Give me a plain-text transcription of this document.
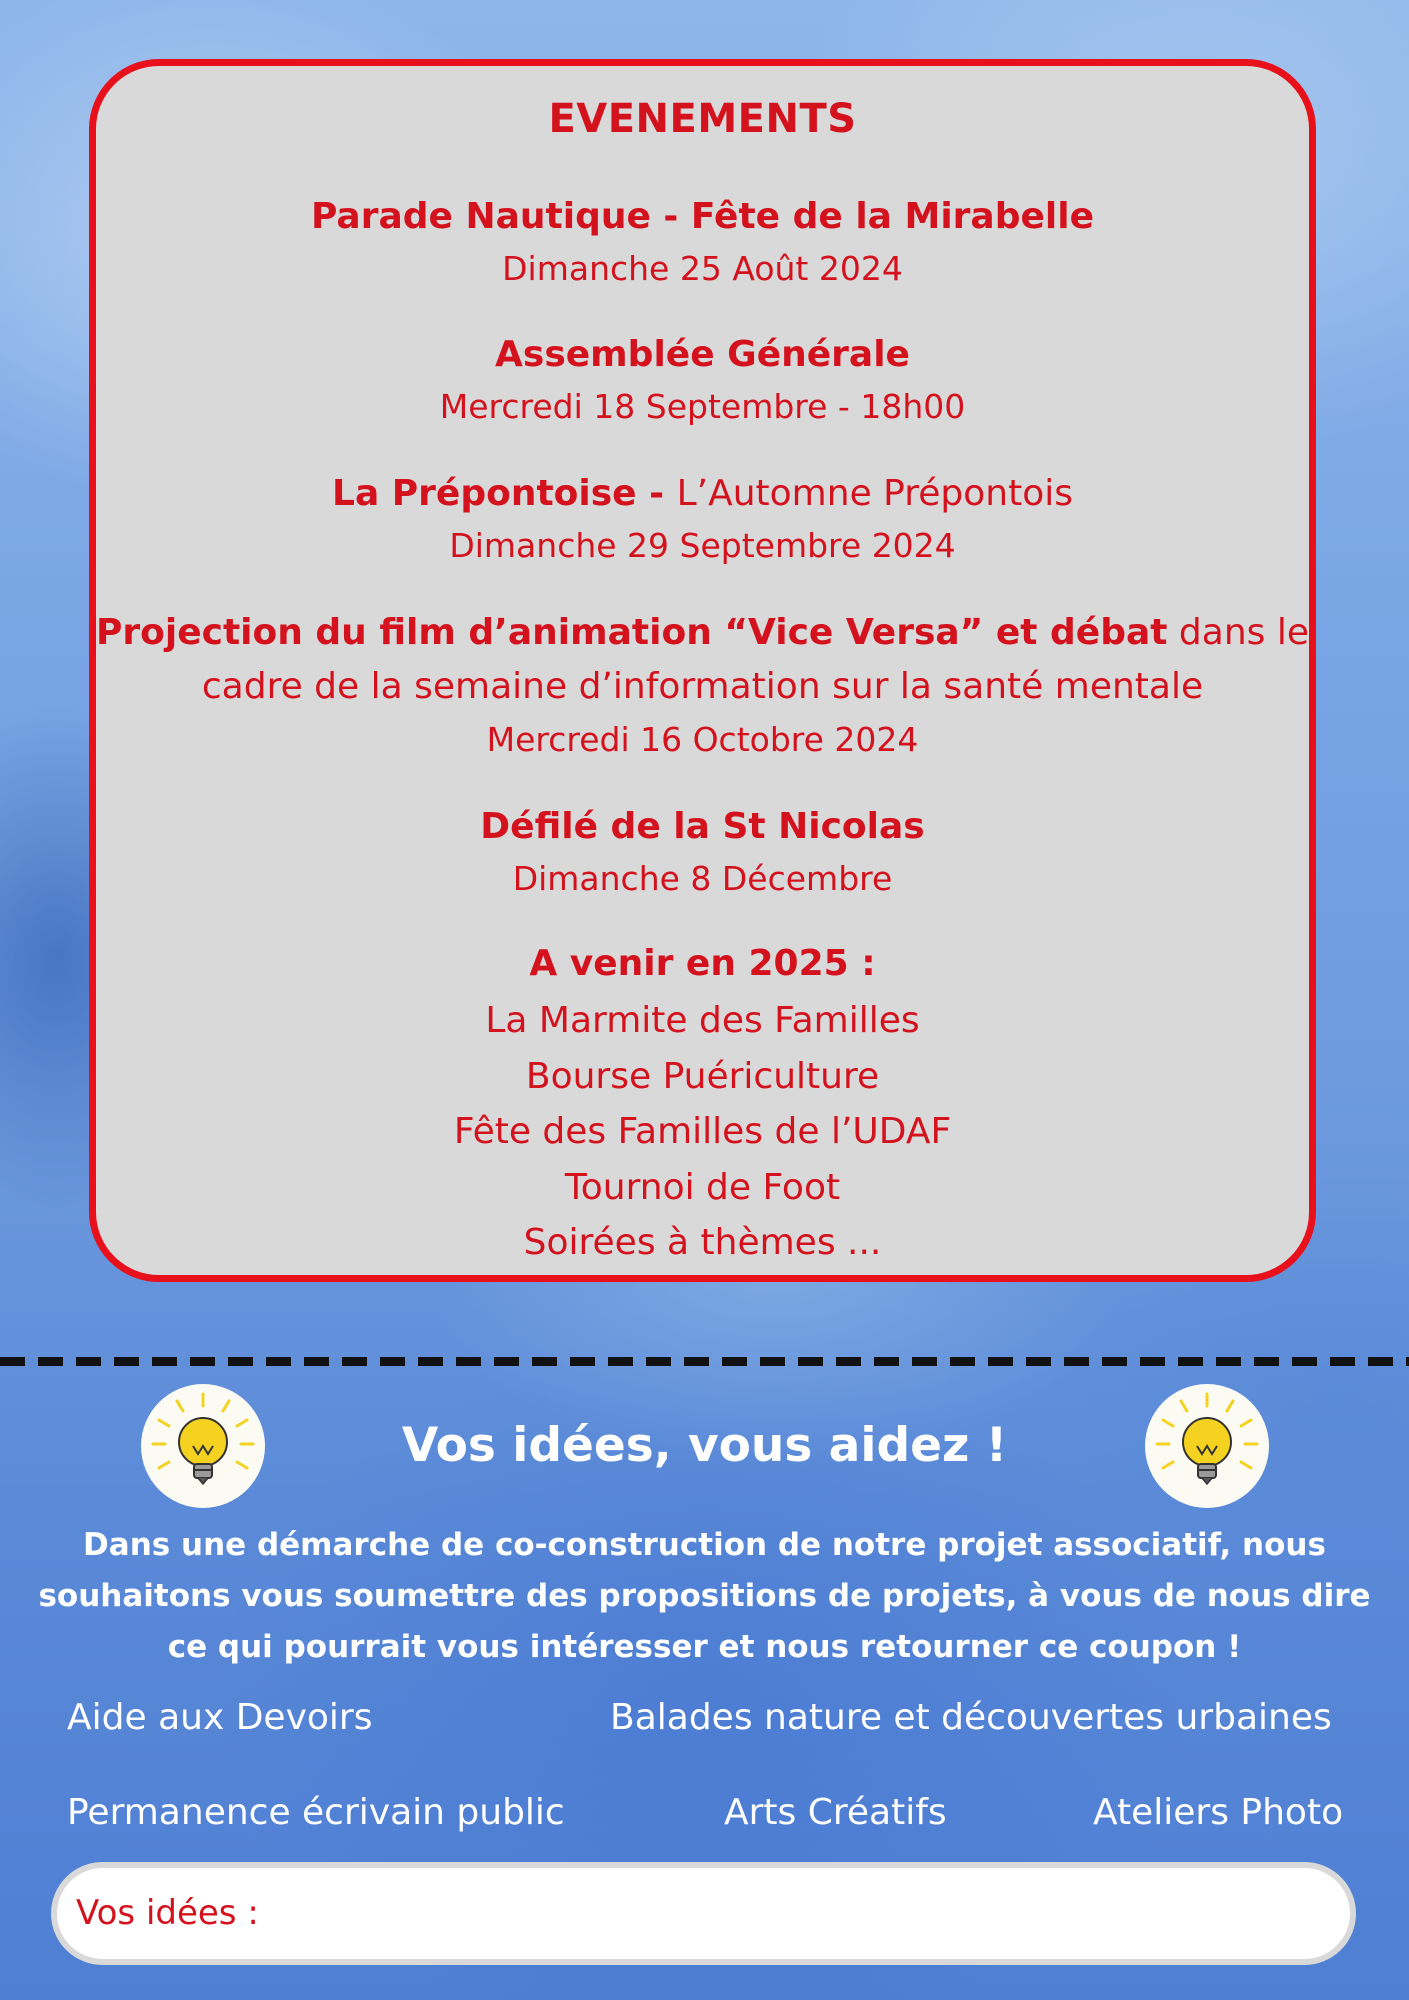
EVENEMENTS
Parade Nautique - Fête de la Mirabelle
Dimanche 25 Août 2024
Assemblée Générale
Mercredi 18 Septembre - 18h00
La Prépontoise - L’Automne Prépontois
Dimanche 29 Septembre 2024
Projection du film d’animation “Vice Versa” et débat dans le
cadre de la semaine d’information sur la santé mentale
Mercredi 16 Octobre 2024
Défilé de la St Nicolas
Dimanche 8 Décembre
A venir en 2025 :
La Marmite des Familles
Bourse Puériculture
Fête des Familles de l’UDAF
Tournoi de Foot
Soirées à thèmes ...
Vos idées, vous aidez !
Dans une démarche de co-construction de notre projet associatif, nous
souhaitons vous soumettre des propositions de projets, à vous de nous dire
ce qui pourrait vous intéresser et nous retourner ce coupon !
Aide aux Devoirs	Balades nature et découvertes urbaines
Permanence écrivain public	Arts Créatifs	Ateliers Photo
Vos idées :
